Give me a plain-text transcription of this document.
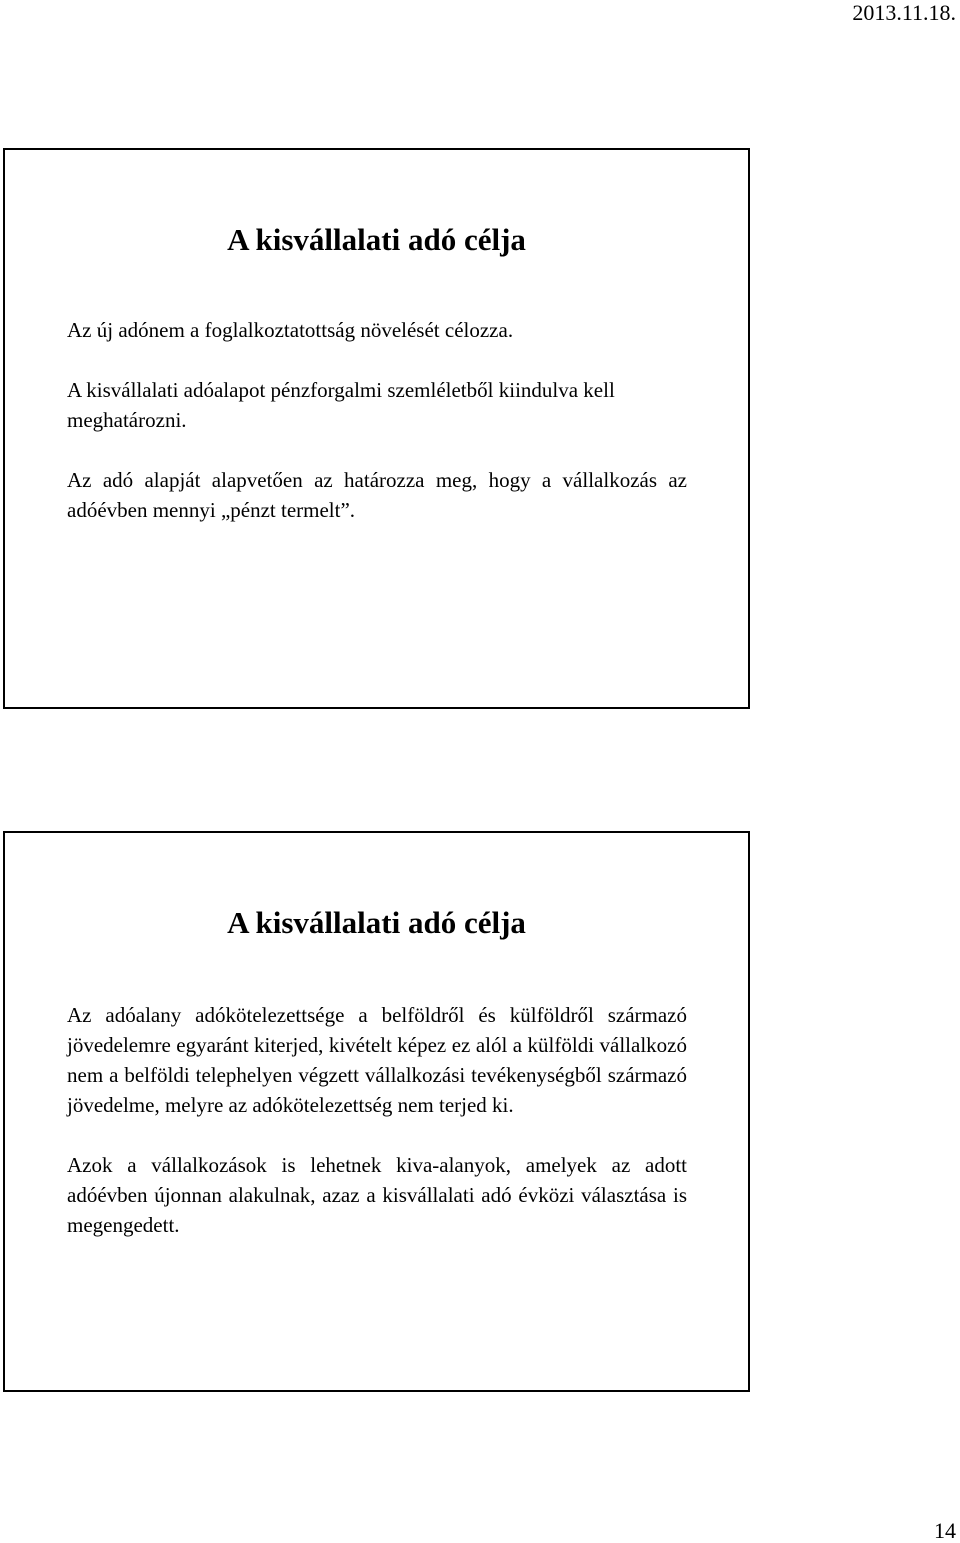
2013.11.18.
A kisvállalati adó célja

Az új adónem a foglalkoztatottság növelését célozza.

A kisvállalati adóalapot pénzforgalmi szemléletből kiindulva kell meghatározni.

Az adó alapját alapvetően az határozza meg, hogy a vállalkozás az adóévben mennyi „pénzt termelt”.

A kisvállalati adó célja

Az adóalany adókötelezettsége a belföldről és külföldről származó jövedelemre egyaránt kiterjed, kivételt képez ez alól a külföldi vállalkozó nem a belföldi telephelyen végzett vállalkozási tevékenységből származó jövedelme, melyre az adókötelezettség nem terjed ki.

Azok a vállalkozások is lehetnek kiva-alanyok, amelyek az adott adóévben újonnan alakulnak, azaz a kisvállalati adó évközi választása is megengedett.

14
